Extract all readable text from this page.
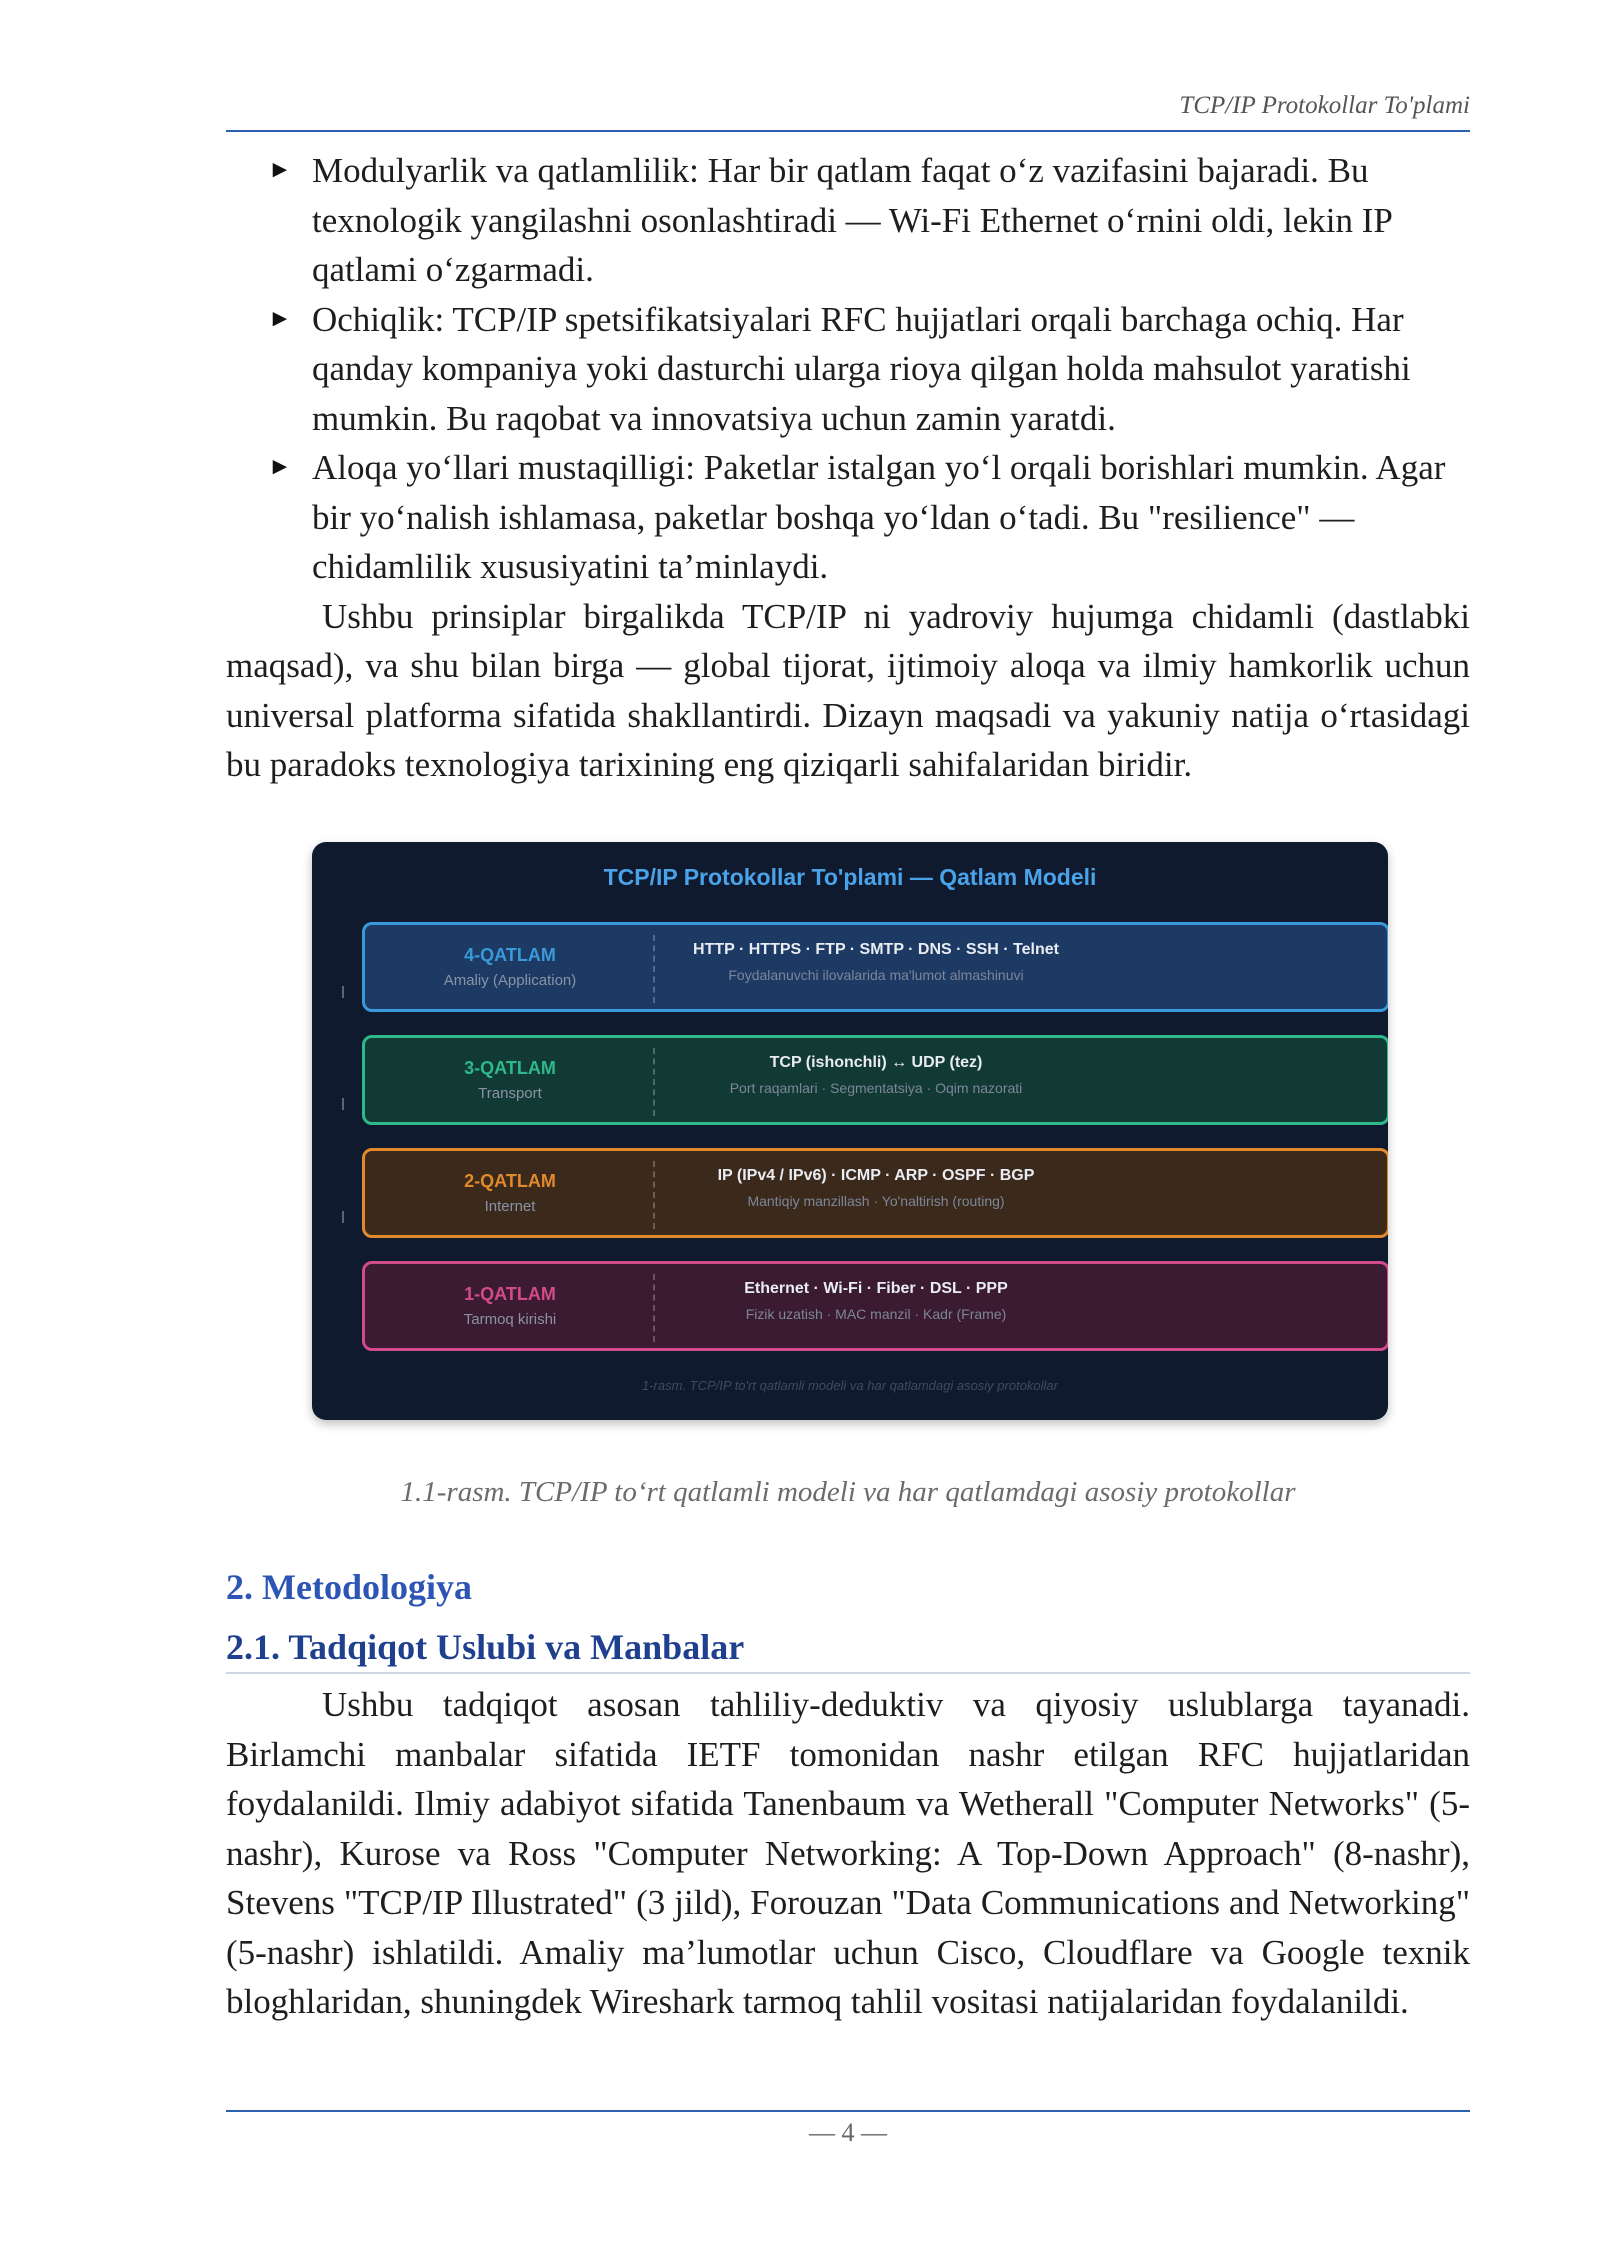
TCP/IP Protokollar To'plami
► Modulyarlik va qatlamlilik: Har bir qatlam faqat o‘z vazifasini bajaradi. Bu texnologik yangilashni osonlashtiradi — Wi-Fi Ethernet o‘rnini oldi, lekin IP qatlami o‘zgarmadi.
► Ochiqlik: TCP/IP spetsifikatsiyalari RFC hujjatlari orqali barchaga ochiq. Har qanday kompaniya yoki dasturchi ularga rioya qilgan holda mahsulot yaratishi mumkin. Bu raqobat va innovatsiya uchun zamin yaratdi.
► Aloqa yo‘llari mustaqilligi: Paketlar istalgan yo‘l orqali borishlari mumkin. Agar bir yo‘nalish ishlamasa, paketlar boshqa yo‘ldan o‘tadi. Bu "resilience" — chidamlilik xususiyatini ta’minlaydi.

Ushbu prinsiplar birgalikda TCP/IP ni yadroviy hujumga chidamli (dastlabki maqsad), va shu bilan birga — global tijorat, ijtimoiy aloqa va ilmiy hamkorlik uchun universal platforma sifatida shakllantirdi. Dizayn maqsadi va yakuniy natija o‘rtasidagi bu paradoks texnologiya tarixining eng qiziqarli sahifalaridan biridir.

TCP/IP Protokollar To'plami — Qatlam Modeli
4-QATLAM
Amaliy (Application)
HTTP · HTTPS · FTP · SMTP · DNS · SSH · Telnet
Foydalanuvchi ilovalarida ma'lumot almashinuvi
3-QATLAM
Transport
TCP (ishonchli) ↔ UDP (tez)
Port raqamlari · Segmentatsiya · Oqim nazorati
2-QATLAM
Internet
IP (IPv4 / IPv6) · ICMP · ARP · OSPF · BGP
Mantiqiy manzillash · Yo'naltirish (routing)
1-QATLAM
Tarmoq kirishi
Ethernet · Wi-Fi · Fiber · DSL · PPP
Fizik uzatish · MAC manzil · Kadr (Frame)
1-rasm. TCP/IP to'rt qatlamli modeli va har qatlamdagi asosiy protokollar
1.1-rasm. TCP/IP to‘rt qatlamli modeli va har qatlamdagi asosiy protokollar
2. Metodologiya
2.1. Tadqiqot Uslubi va Manbalar

Ushbu tadqiqot asosan tahliliy-deduktiv va qiyosiy uslublarga tayanadi. Birlamchi manbalar sifatida IETF tomonidan nashr etilgan RFC hujjatlaridan foydalanildi. Ilmiy adabiyot sifatida Tanenbaum va Wetherall "Computer Networks" (5-nashr), Kurose va Ross "Computer Networking: A Top-Down Approach" (8-nashr), Stevens "TCP/IP Illustrated" (3 jild), Forouzan "Data Communications and Networking" (5-nashr) ishlatildi. Amaliy ma’lumotlar uchun Cisco, Cloudflare va Google texnik bloghlaridan, shuningdek Wireshark tarmoq tahlil vositasi natijalaridan foydalanildi.

— 4 —
